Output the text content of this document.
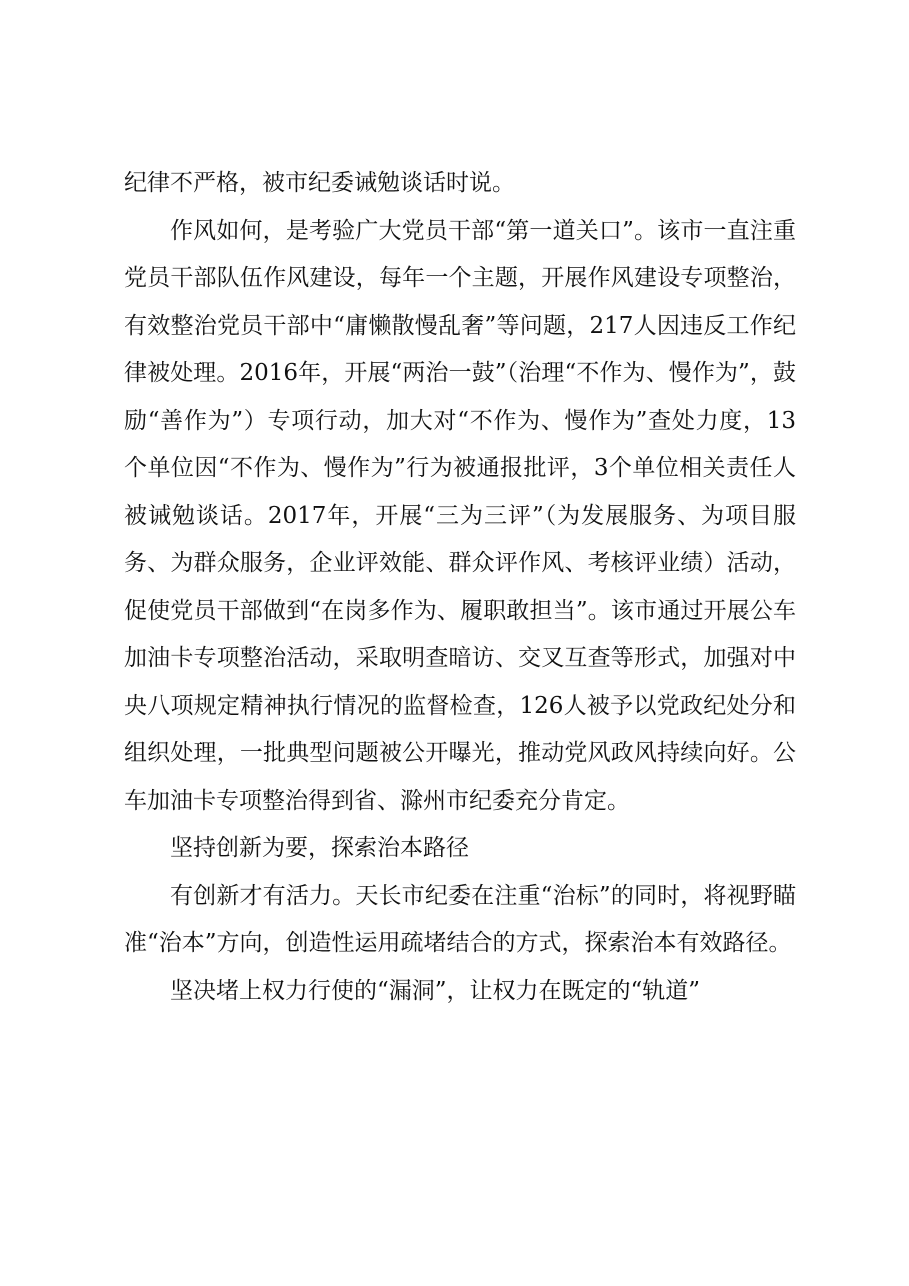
纪律不严格，被市纪委诫勉谈话时说。

作风如何，是考验广大党员干部“第一道关口”。该市一直注重党员干部队伍作风建设，每年一个主题，开展作风建设专项整治，有效整治党员干部中“庸懒散慢乱奢”等问题，217人因违反工作纪律被处理。2016年，开展“两治一鼓”（治理“不作为、慢作为”，鼓励“善作为”）专项行动，加大对“不作为、慢作为”查处力度，13个单位因“不作为、慢作为”行为被通报批评，3个单位相关责任人被诫勉谈话。2017年，开展“三为三评”（为发展服务、为项目服务、为群众服务，企业评效能、群众评作风、考核评业绩）活动，促使党员干部做到“在岗多作为、履职敢担当”。该市通过开展公车加油卡专项整治活动，采取明查暗访、交叉互查等形式，加强对中央八项规定精神执行情况的监督检查，126人被予以党政纪处分和组织处理，一批典型问题被公开曝光，推动党风政风持续向好。公车加油卡专项整治得到省、滁州市纪委充分肯定。

坚持创新为要，探索治本路径

有创新才有活力。天长市纪委在注重“治标”的同时，将视野瞄准“治本”方向，创造性运用疏堵结合的方式，探索治本有效路径。

坚决堵上权力行使的“漏洞”，让权力在既定的“轨道”
